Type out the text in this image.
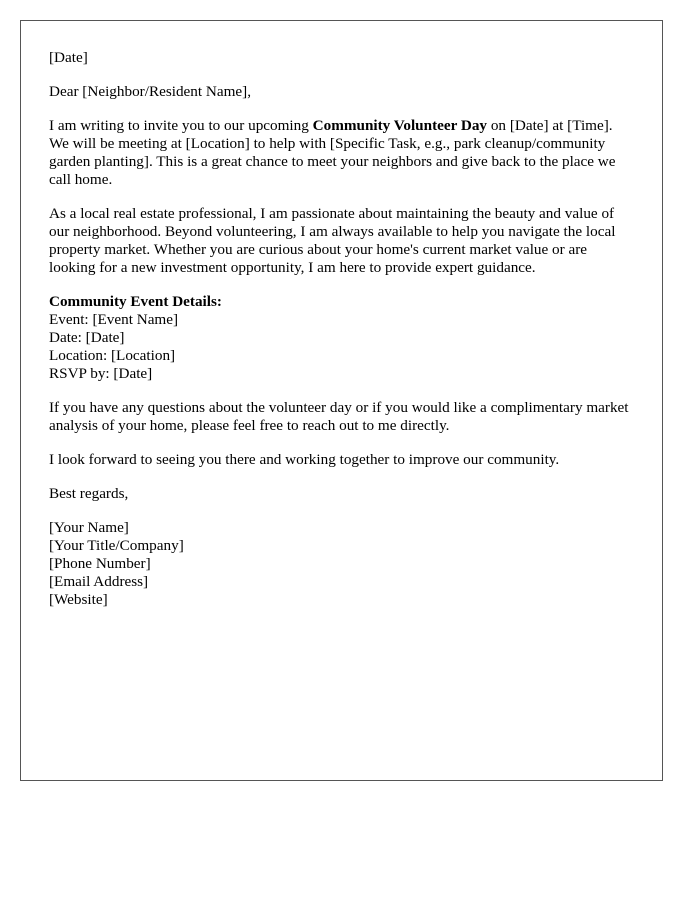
[Date]

Dear [Neighbor/Resident Name],

I am writing to invite you to our upcoming Community Volunteer Day on [Date] at [Time]. We will be meeting at [Location] to help with [Specific Task, e.g., park cleanup/community garden planting]. This is a great chance to meet your neighbors and give back to the place we call home.

As a local real estate professional, I am passionate about maintaining the beauty and value of our neighborhood. Beyond volunteering, I am always available to help you navigate the local property market. Whether you are curious about your home's current market value or are looking for a new investment opportunity, I am here to provide expert guidance.

Community Event Details:
Event: [Event Name]
Date: [Date]
Location: [Location]
RSVP by: [Date]

If you have any questions about the volunteer day or if you would like a complimentary market analysis of your home, please feel free to reach out to me directly.

I look forward to seeing you there and working together to improve our community.

Best regards,

[Your Name]
[Your Title/Company]
[Phone Number]
[Email Address]
[Website]
